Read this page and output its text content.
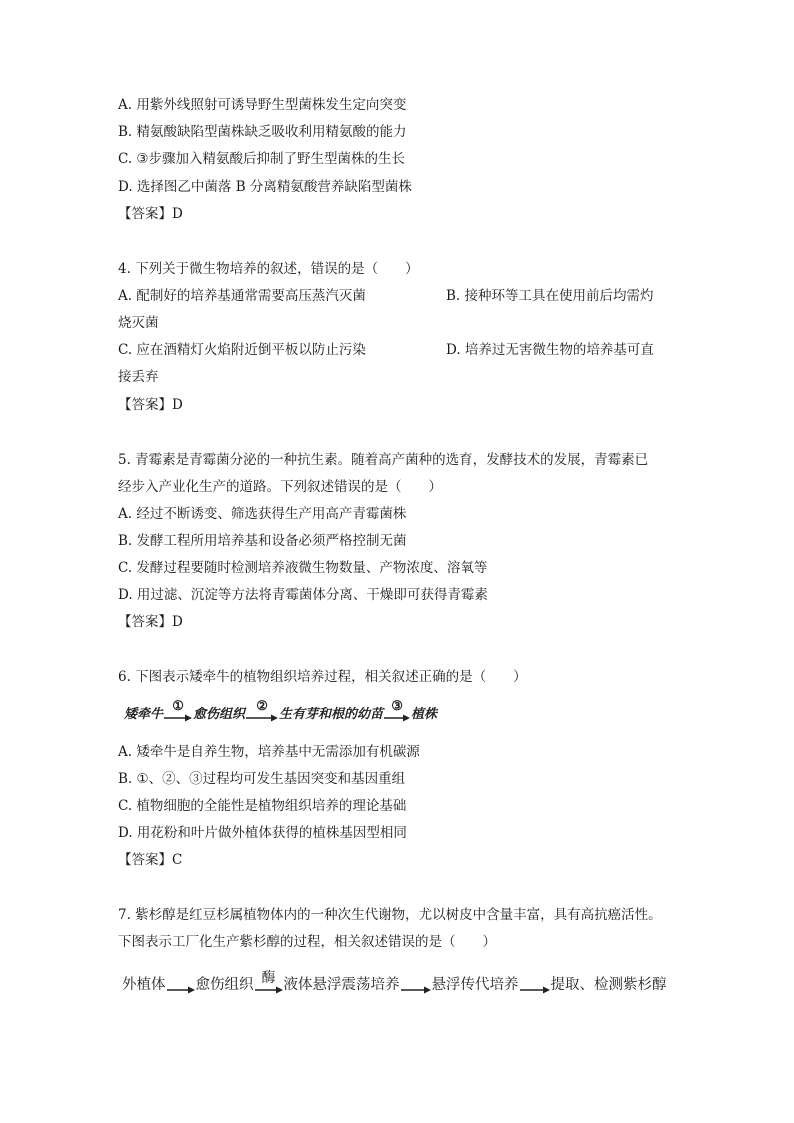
A. 用紫外线照射可诱导野生型菌株发生定向突变
B. 精氨酸缺陷型菌株缺乏吸收利用精氨酸的能力
C. ③步骤加入精氨酸后抑制了野生型菌株的生长
D. 选择图乙中菌落 B 分离精氨酸营养缺陷型菌株
【答案】D
4. 下列关于微生物培养的叙述，错误的是（　　）
A. 配制好的培养基通常需要高压蒸汽灭菌	B. 接种环等工具在使用前后均需灼
烧灭菌
C. 应在酒精灯火焰附近倒平板以防止污染	D. 培养过无害微生物的培养基可直
接丢弃
【答案】D
5. 青霉素是青霉菌分泌的一种抗生素。随着高产菌种的选育，发酵技术的发展，青霉素已
经步入产业化生产的道路。下列叙述错误的是（　　）
A. 经过不断诱变、筛选获得生产用高产青霉菌株
B. 发酵工程所用培养基和设备必须严格控制无菌
C. 发酵过程要随时检测培养液微生物数量、产物浓度、溶氧等
D. 用过滤、沉淀等方法将青霉菌体分离、干燥即可获得青霉素
【答案】D
6. 下图表示矮牵牛的植物组织培养过程，相关叙述正确的是（　　）
矮牵牛
①
愈伤组织
②
生有芽和根的幼苗
③
植株
A. 矮牵牛是自养生物，培养基中无需添加有机碳源
B. ①、②、③过程均可发生基因突变和基因重组
C. 植物细胞的全能性是植物组织培养的理论基础
D. 用花粉和叶片做外植体获得的植株基因型相同
【答案】C
7. 紫杉醇是红豆杉属植物体内的一种次生代谢物，尤以树皮中含量丰富，具有高抗癌活性。
下图表示工厂化生产紫杉醇的过程，相关叙述错误的是（　　）
外植体 愈伤组织 酶 液体悬浮震荡培养 悬浮传代培养 提取、检测紫杉醇
